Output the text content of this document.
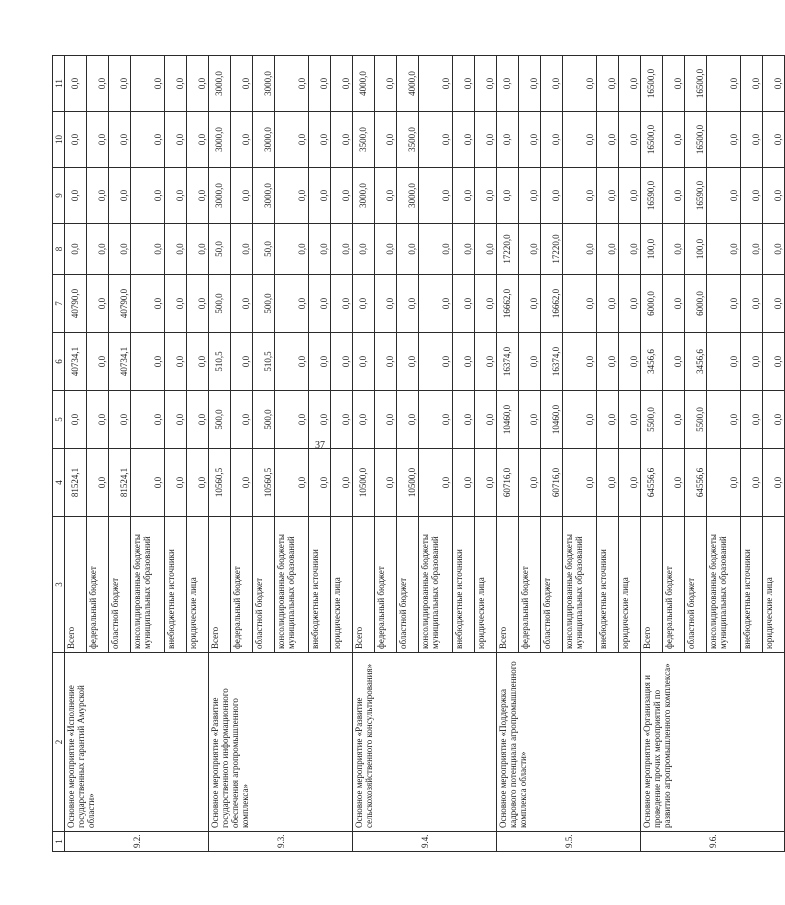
37
1	2	3	4	5	6	7	8	9	10	11
9.2.	Основное мероприятие «Исполнение государственных гарантий Амурской области»	Всего	81524,1	0,0	40734,1	40790,0	0,0	0,0	0,0	0,0
		федеральный бюджет	0,0	0,0	0,0	0,0	0,0	0,0	0,0	0,0
		областной бюджет	81524,1	0,0	40734,1	40790,0	0,0	0,0	0,0	0,0
		консолидированные бюджеты муниципальных образований	0,0	0,0	0,0	0,0	0,0	0,0	0,0	0,0
		внебюджетные источники	0,0	0,0	0,0	0,0	0,0	0,0	0,0	0,0
		юридические лица	0,0	0,0	0,0	0,0	0,0	0,0	0,0	0,0
9.3.	Основное мероприятие «Развитие государственного информационного обеспечения агропромышленного комплекса»	Всего	10560,5	500,0	510,5	500,0	50,0	3000,0	3000,0	3000,0
		федеральный бюджет	0,0	0,0	0,0	0,0	0,0	0,0	0,0	0,0
		областной бюджет	10560,5	500,0	510,5	500,0	50,0	3000,0	3000,0	3000,0
		консолидированные бюджеты муниципальных образований	0,0	0,0	0,0	0,0	0,0	0,0	0,0	0,0
		внебюджетные источники	0,0	0,0	0,0	0,0	0,0	0,0	0,0	0,0
		юридические лица	0,0	0,0	0,0	0,0	0,0	0,0	0,0	0,0
9.4.	Основное мероприятие «Развитие сельскохозяйственного консультирования»	Всего	10500,0	0,0	0,0	0,0	0,0	3000,0	3500,0	4000,0
		федеральный бюджет	0,0	0,0	0,0	0,0	0,0	0,0	0,0	0,0
		областной бюджет	10500,0	0,0	0,0	0,0	0,0	3000,0	3500,0	4000,0
		консолидированные бюджеты муниципальных образований	0,0	0,0	0,0	0,0	0,0	0,0	0,0	0,0
		внебюджетные источники	0,0	0,0	0,0	0,0	0,0	0,0	0,0	0,0
		юридические лица	0,0	0,0	0,0	0,0	0,0	0,0	0,0	0,0
9.5.	Основное мероприятие «Поддержка кадрового потенциала агропромышленного комплекса области»	Всего	60716,0	10460,0	16374,0	16662,0	17220,0	0,0	0,0	0,0
		федеральный бюджет	0,0	0,0	0,0	0,0	0,0	0,0	0,0	0,0
		областной бюджет	60716,0	10460,0	16374,0	16662,0	17220,0	0,0	0,0	0,0
		консолидированные бюджеты муниципальных образований	0,0	0,0	0,0	0,0	0,0	0,0	0,0	0,0
		внебюджетные источники	0,0	0,0	0,0	0,0	0,0	0,0	0,0	0,0
		юридические лица	0,0	0,0	0,0	0,0	0,0	0,0	0,0	0,0
9.6.	Основное мероприятие «Организация и проведение прочих мероприятий по развитию агропромышленного комплекса»	Всего	64556,6	5500,0	3456,6	6000,0	100,0	16590,0	16500,0	16500,0
		федеральный бюджет	0,0	0,0	0,0	0,0	0,0	0,0	0,0	0,0
		областной бюджет	64556,6	5500,0	3456,6	6000,0	100,0	16590,0	16500,0	16500,0
		консолидированные бюджеты муниципальных образований	0,0	0,0	0,0	0,0	0,0	0,0	0,0	0,0
		внебюджетные источники	0,0	0,0	0,0	0,0	0,0	0,0	0,0	0,0
		юридические лица	0,0	0,0	0,0	0,0	0,0	0,0	0,0	0,0
